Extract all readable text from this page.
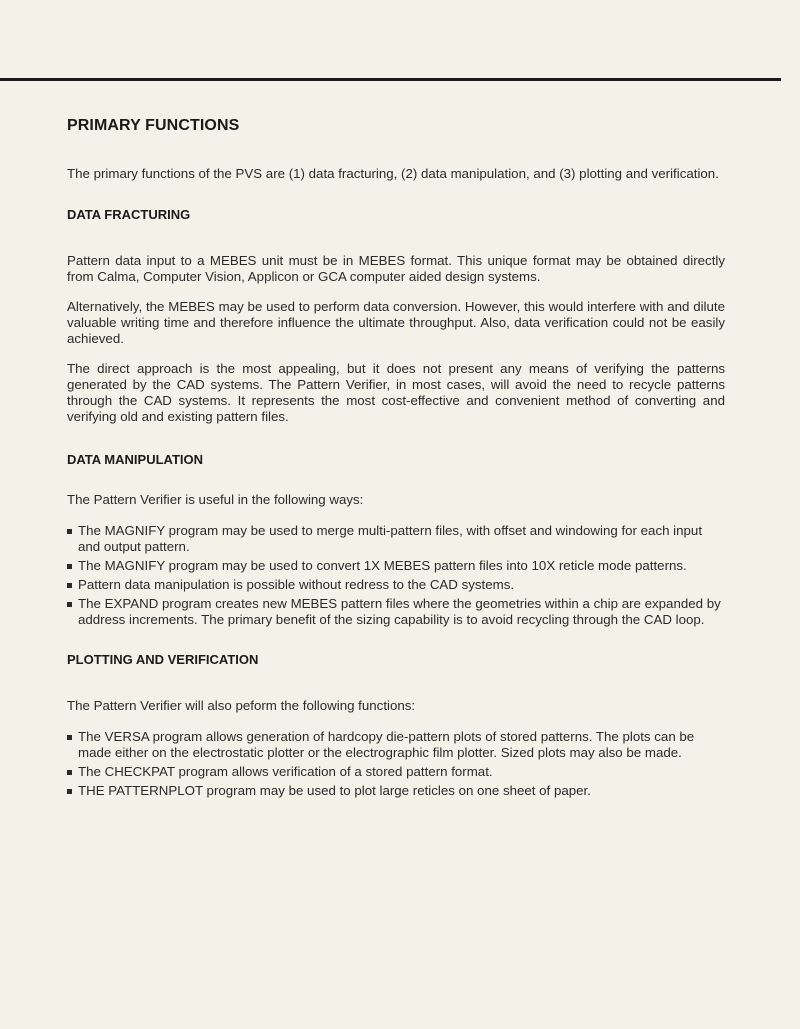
PRIMARY FUNCTIONS

The primary functions of the PVS are (1) data fracturing, (2) data manipulation, and (3) plotting and verification.

DATA FRACTURING

Pattern data input to a MEBES unit must be in MEBES format. This unique format may be obtained directly from Calma, Computer Vision, Applicon or GCA computer aided design systems.

Alternatively, the MEBES may be used to perform data conversion. However, this would interfere with and dilute valuable writing time and therefore influence the ultimate throughput. Also, data verification could not be easily achieved.

The direct approach is the most appealing, but it does not present any means of verifying the patterns generated by the CAD systems. The Pattern Verifier, in most cases, will avoid the need to recycle patterns through the CAD systems. It represents the most cost-effective and convenient method of converting and verifying old and existing pattern files.

DATA MANIPULATION

The Pattern Verifier is useful in the following ways:

The MAGNIFY program may be used to merge multi-pattern files, with offset and windowing for each input and output pattern.
The MAGNIFY program may be used to convert 1X MEBES pattern files into 10X reticle mode patterns.
Pattern data manipulation is possible without redress to the CAD systems.
The EXPAND program creates new MEBES pattern files where the geometries within a chip are expanded by address increments. The primary benefit of the sizing capability is to avoid recycling through the CAD loop.
PLOTTING AND VERIFICATION

The Pattern Verifier will also peform the following functions:

The VERSA program allows generation of hardcopy die-pattern plots of stored patterns. The plots can be made either on the electrostatic plotter or the electrographic film plotter. Sized plots may also be made.
The CHECKPAT program allows verification of a stored pattern format.
THE PATTERNPLOT program may be used to plot large reticles on one sheet of paper.
